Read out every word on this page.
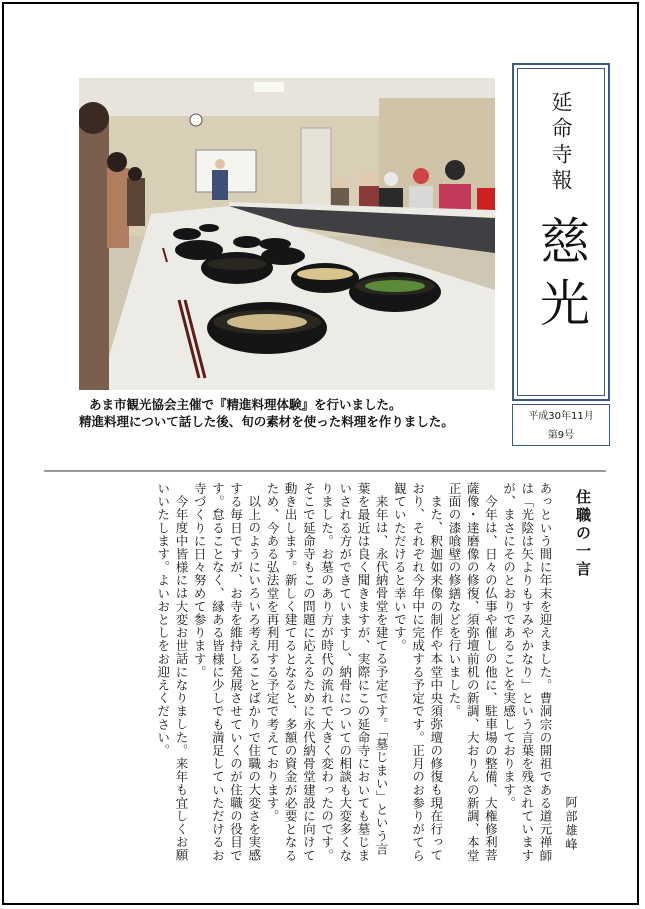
あま市観光協会主催で『精進料理体験』を行いました。
精進料理について話した後、旬の素材を使った料理を作りました。
延命寺報
慈光
平成30年11月
第9号
住職の一言

あっという間に年末を迎えました。曹洞宗の開祖である道元禅師は「光陰は矢よりもすみやかなり」という言葉を残されていますが、まさにそのとおりであることを実感しております。

今年は、日々の仏事や催しの他に、駐車場の整備、大権修利菩薩像・達磨像の修復、須弥壇前机の新調、大おりんの新調、本堂正面の漆喰壁の修繕などを行いました。

また、釈迦如来像の制作や本堂中央須弥壇の修復も現在行っており、それぞれ今年中に完成する予定です。正月のお参りがてら観ていただけると幸いです。

来年は、永代納骨堂を建てる予定です。「墓じまい」という言葉を最近は良く聞きますが、実際にこの延命寺においても墓じまいされる方ができていますし、納骨についての相談も大変多くなりました。お墓のあり方が時代の流れで大きく変わったのです。そこで延命寺もこの問題に応えるために永代納骨堂建設に向けて動き出します。新しく建てるとなると、多額の資金が必要となるため、今ある弘法堂を再利用する予定で考えております。

以上のようにいろいろ考えることばかりで住職の大変さを実感する毎日ですが、お寺を維持し発展させていくのが住職の役目です。怠ることなく、縁ある皆様に少しでも満足していただけるお寺づくりに日々努めて参ります。

今年度中皆様には大変お世話になりました。来年も宜しくお願いいたします。よいおとしをお迎えください。

阿部雄峰
